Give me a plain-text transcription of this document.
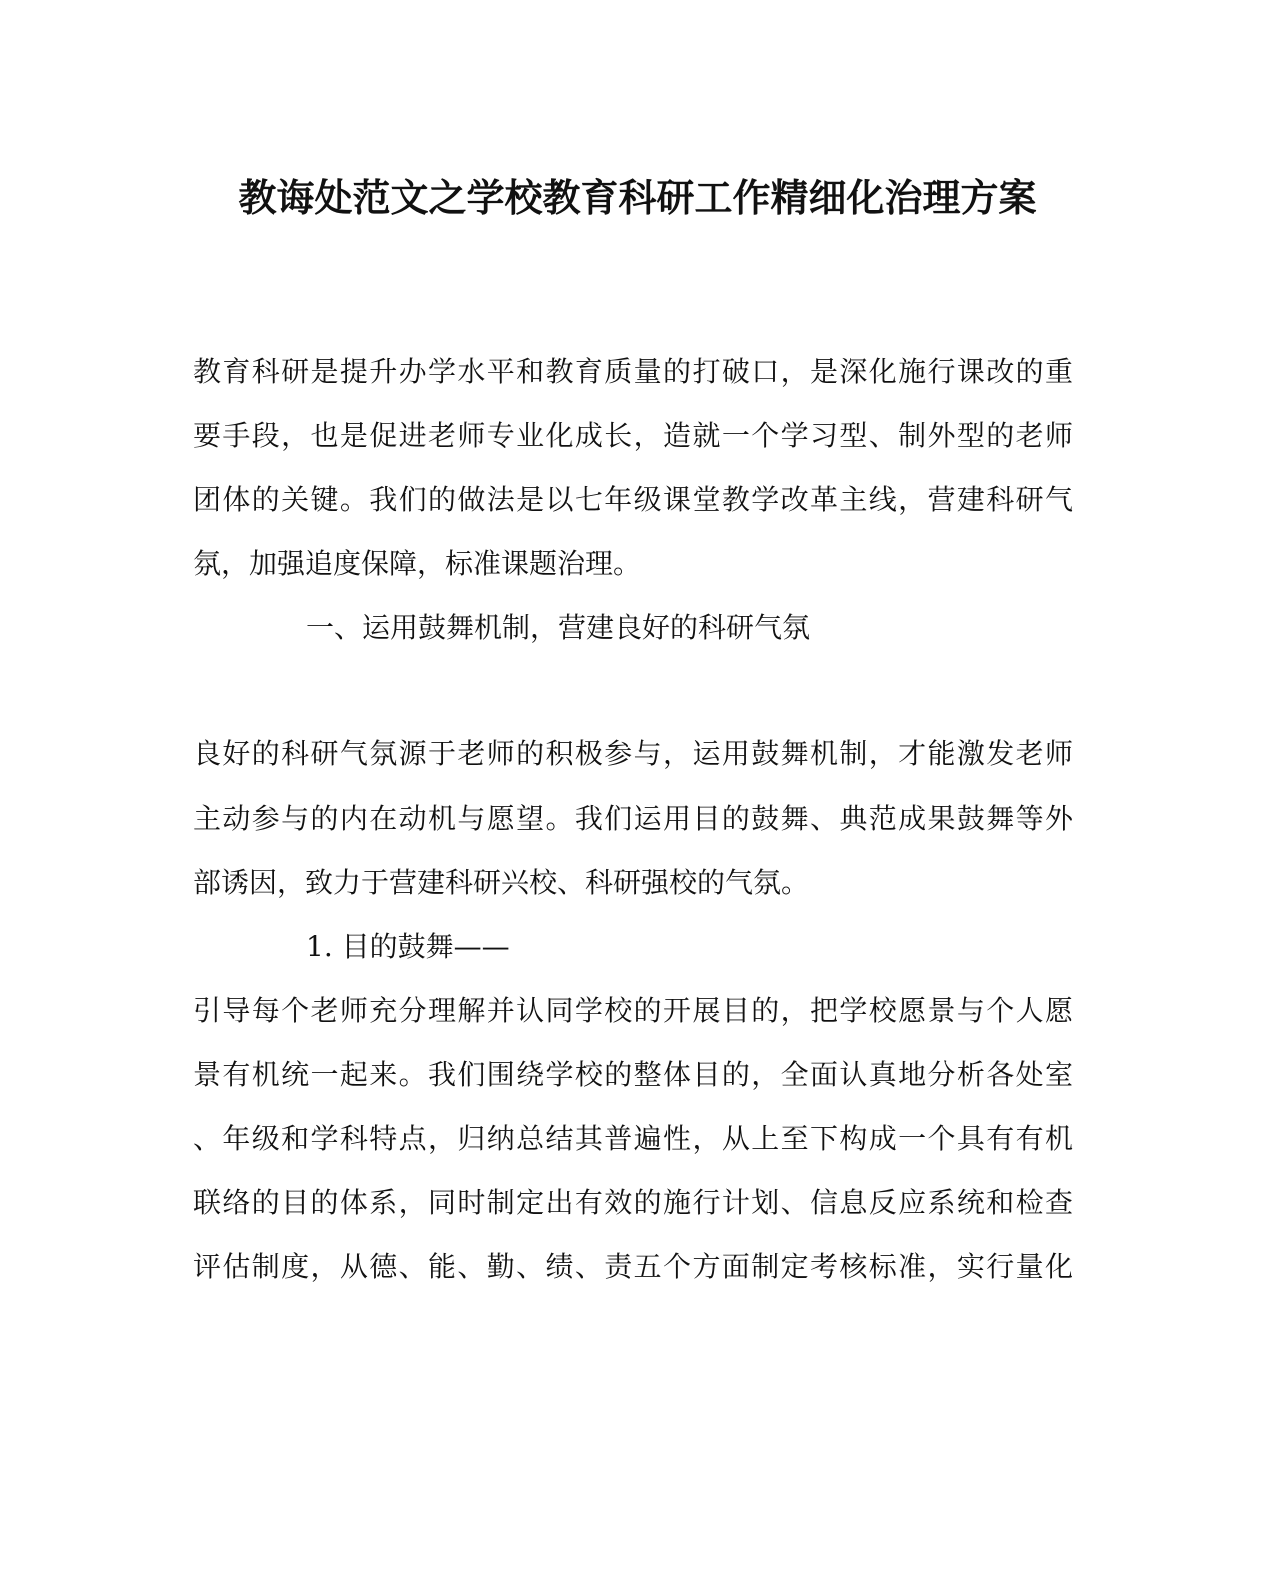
教诲处范文之学校教育科研工作精细化治理方案
教育科研是提升办学水平和教育质量的打破口，是深化施行课改的重
要手段，也是促进老师专业化成长，造就一个学习型、制外型的老师
团体的关键。我们的做法是以七年级课堂教学改革主线，营建科研气
氛，加强追度保障，标准课题治理。
一、运用鼓舞机制，营建良好的科研气氛
良好的科研气氛源于老师的积极参与，运用鼓舞机制，才能激发老师
主动参与的内在动机与愿望。我们运用目的鼓舞、典范成果鼓舞等外
部诱因，致力于营建科研兴校、科研强校的气氛。
1. 目的鼓舞——
引导每个老师充分理解并认同学校的开展目的，把学校愿景与个人愿
景有机统一起来。我们围绕学校的整体目的，全面认真地分析各处室
、年级和学科特点，归纳总结其普遍性，从上至下构成一个具有有机
联络的目的体系，同时制定出有效的施行计划、信息反应系统和检查
评估制度，从德、能、勤、绩、责五个方面制定考核标准，实行量化
